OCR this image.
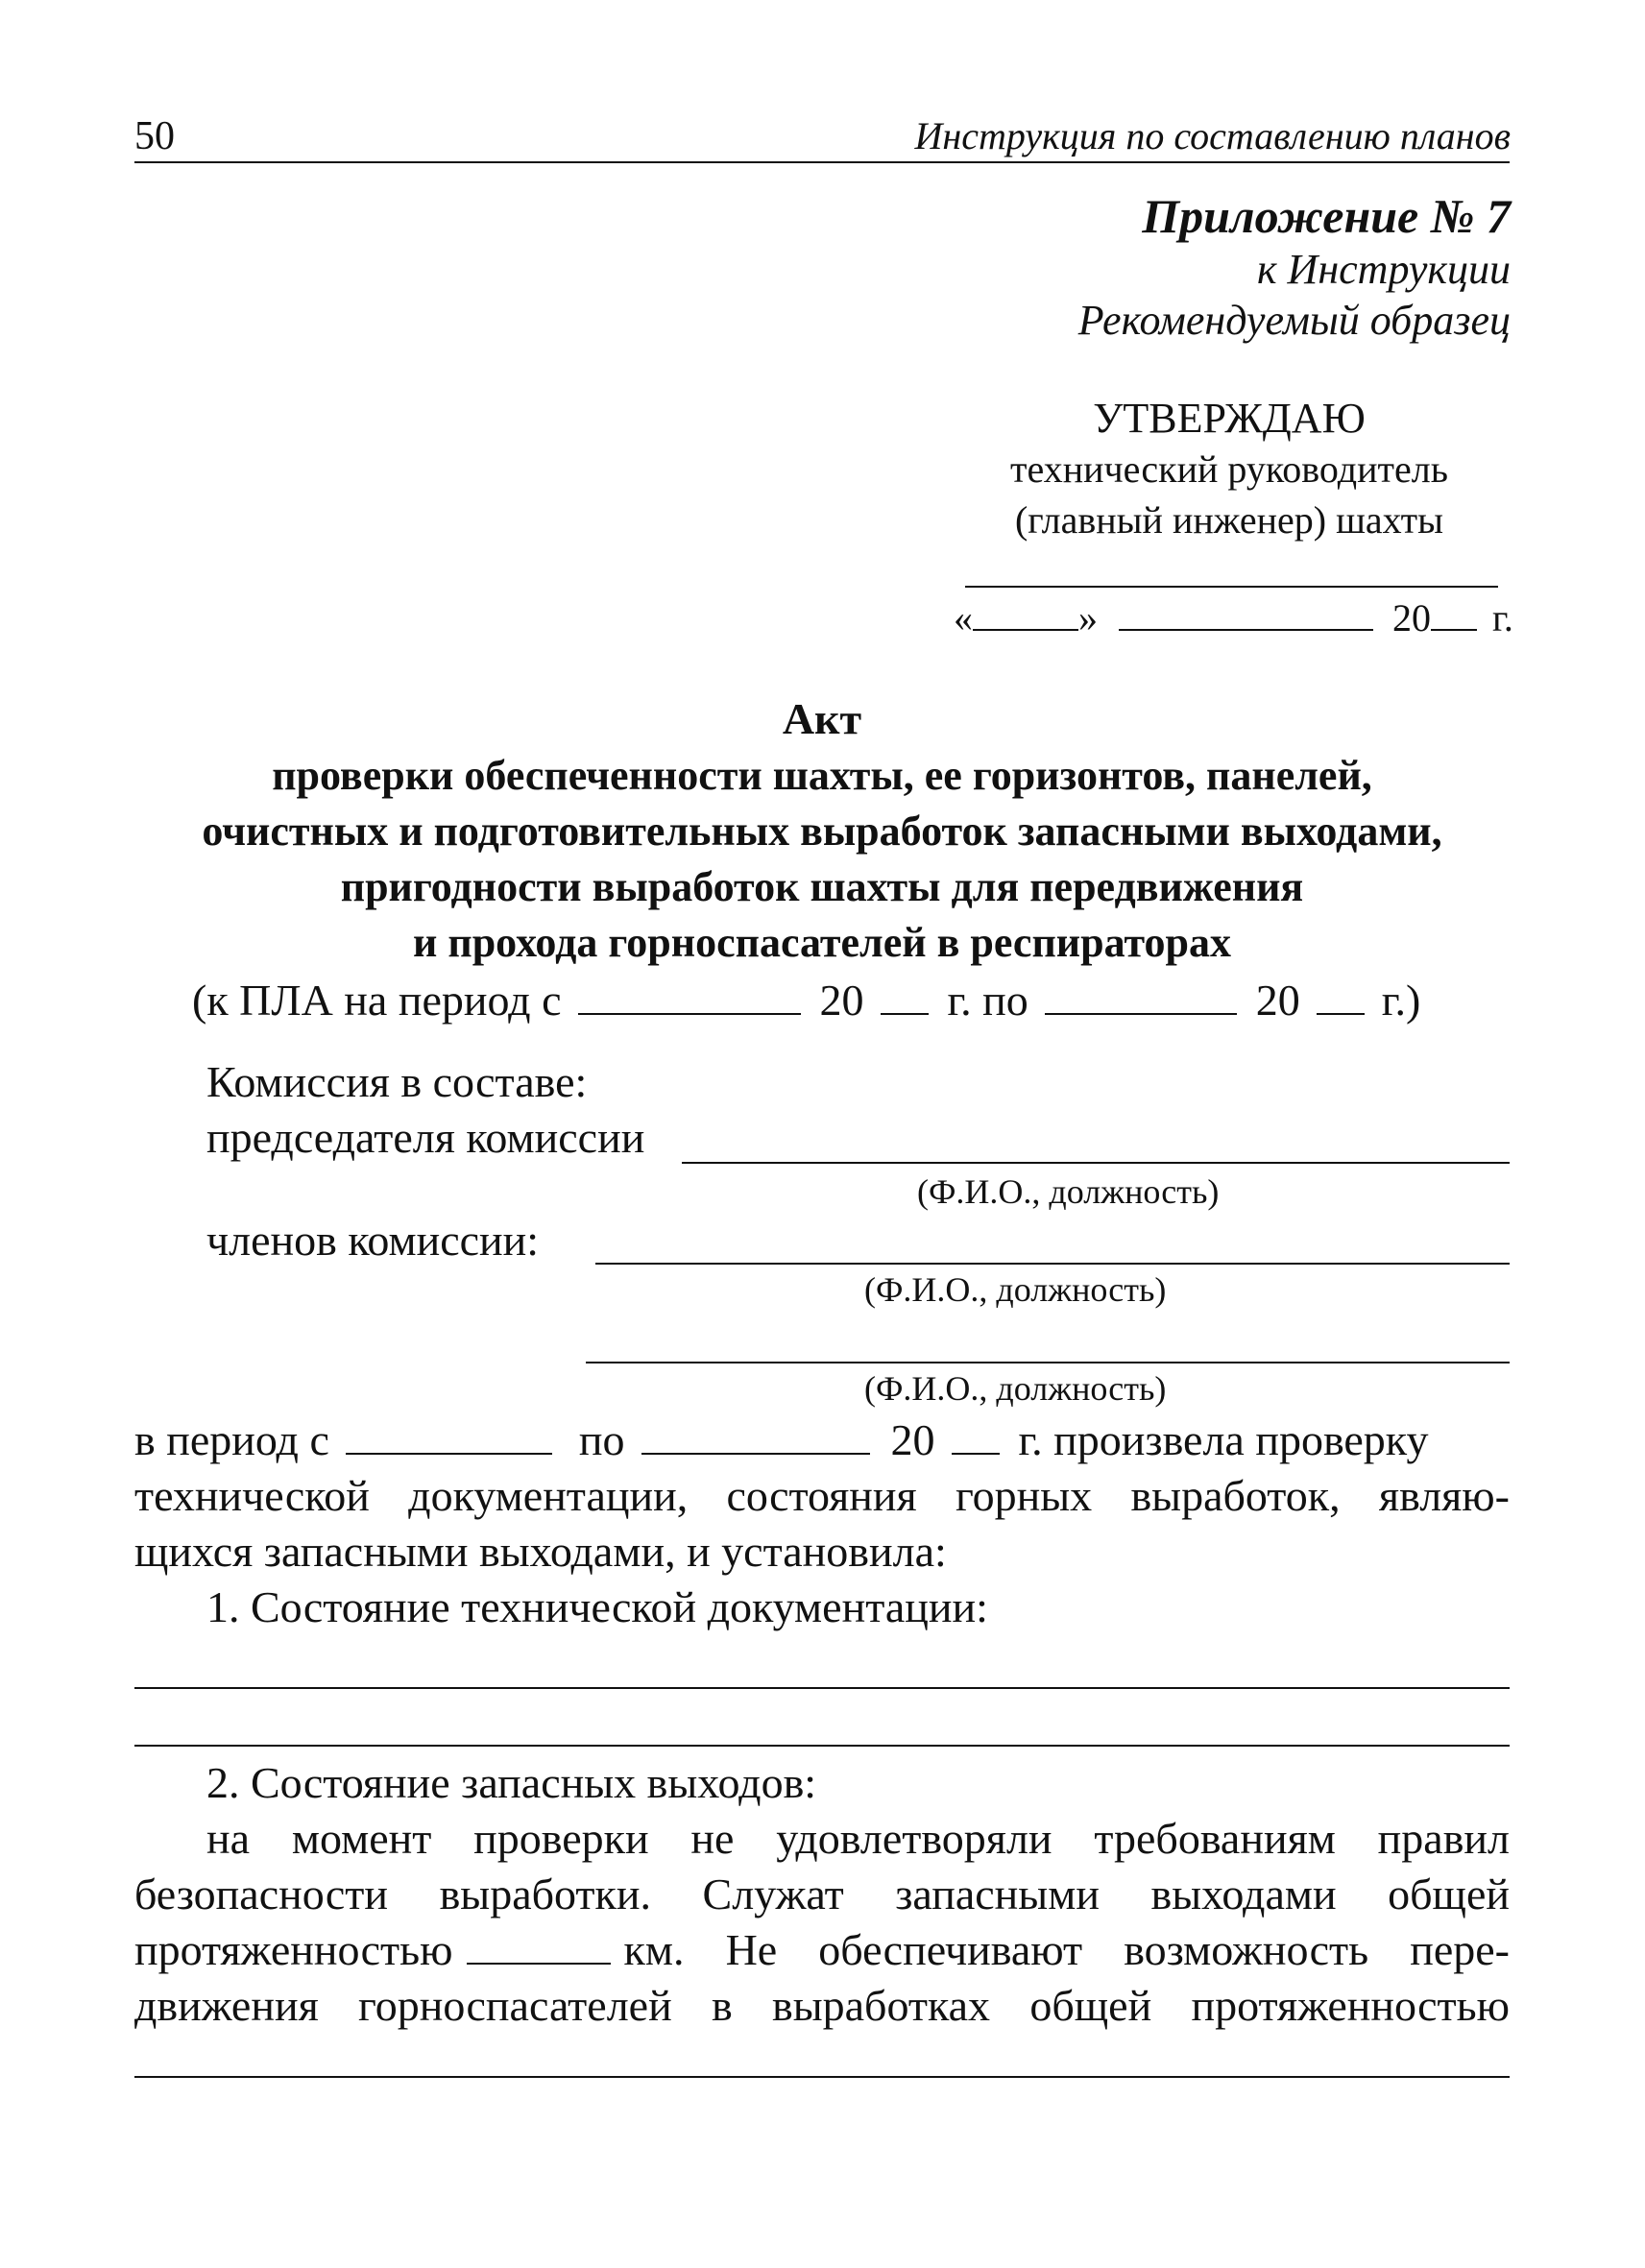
50	Инструкция по составлению планов
Приложение № 7
к Инструкции
Рекомендуемый образец
УТВЕРЖДАЮ
технический руководитель
(главный инженер) шахты
«	»	20 г.
Акт
проверки обеспеченности шахты, ее горизонтов, панелей,
очистных и подготовительных выработок запасными выходами,
пригодности выработок шахты для передвижения
и прохода горноспасателей в респираторах
(к ПЛА на период с	20 г. по	20 г.)
Комиссия в составе:
председателя комиссии
(Ф.И.О., должность)
членов комиссии:
(Ф.И.О., должность)
(Ф.И.О., должность)
в период с	по	20 г. произвела проверку
технической документации, состояния горных выработок, являю-
щихся запасными выходами, и установила:
1. Состояние технической документации:
2. Состояние запасных выходов:
на момент проверки не удовлетворяли требованиям правил
безопасности выработки. Служат запасными выходами общей
протяженностью	км. Не обеспечивают возможность пере-
движения горноспасателей в выработках общей протяженностью
